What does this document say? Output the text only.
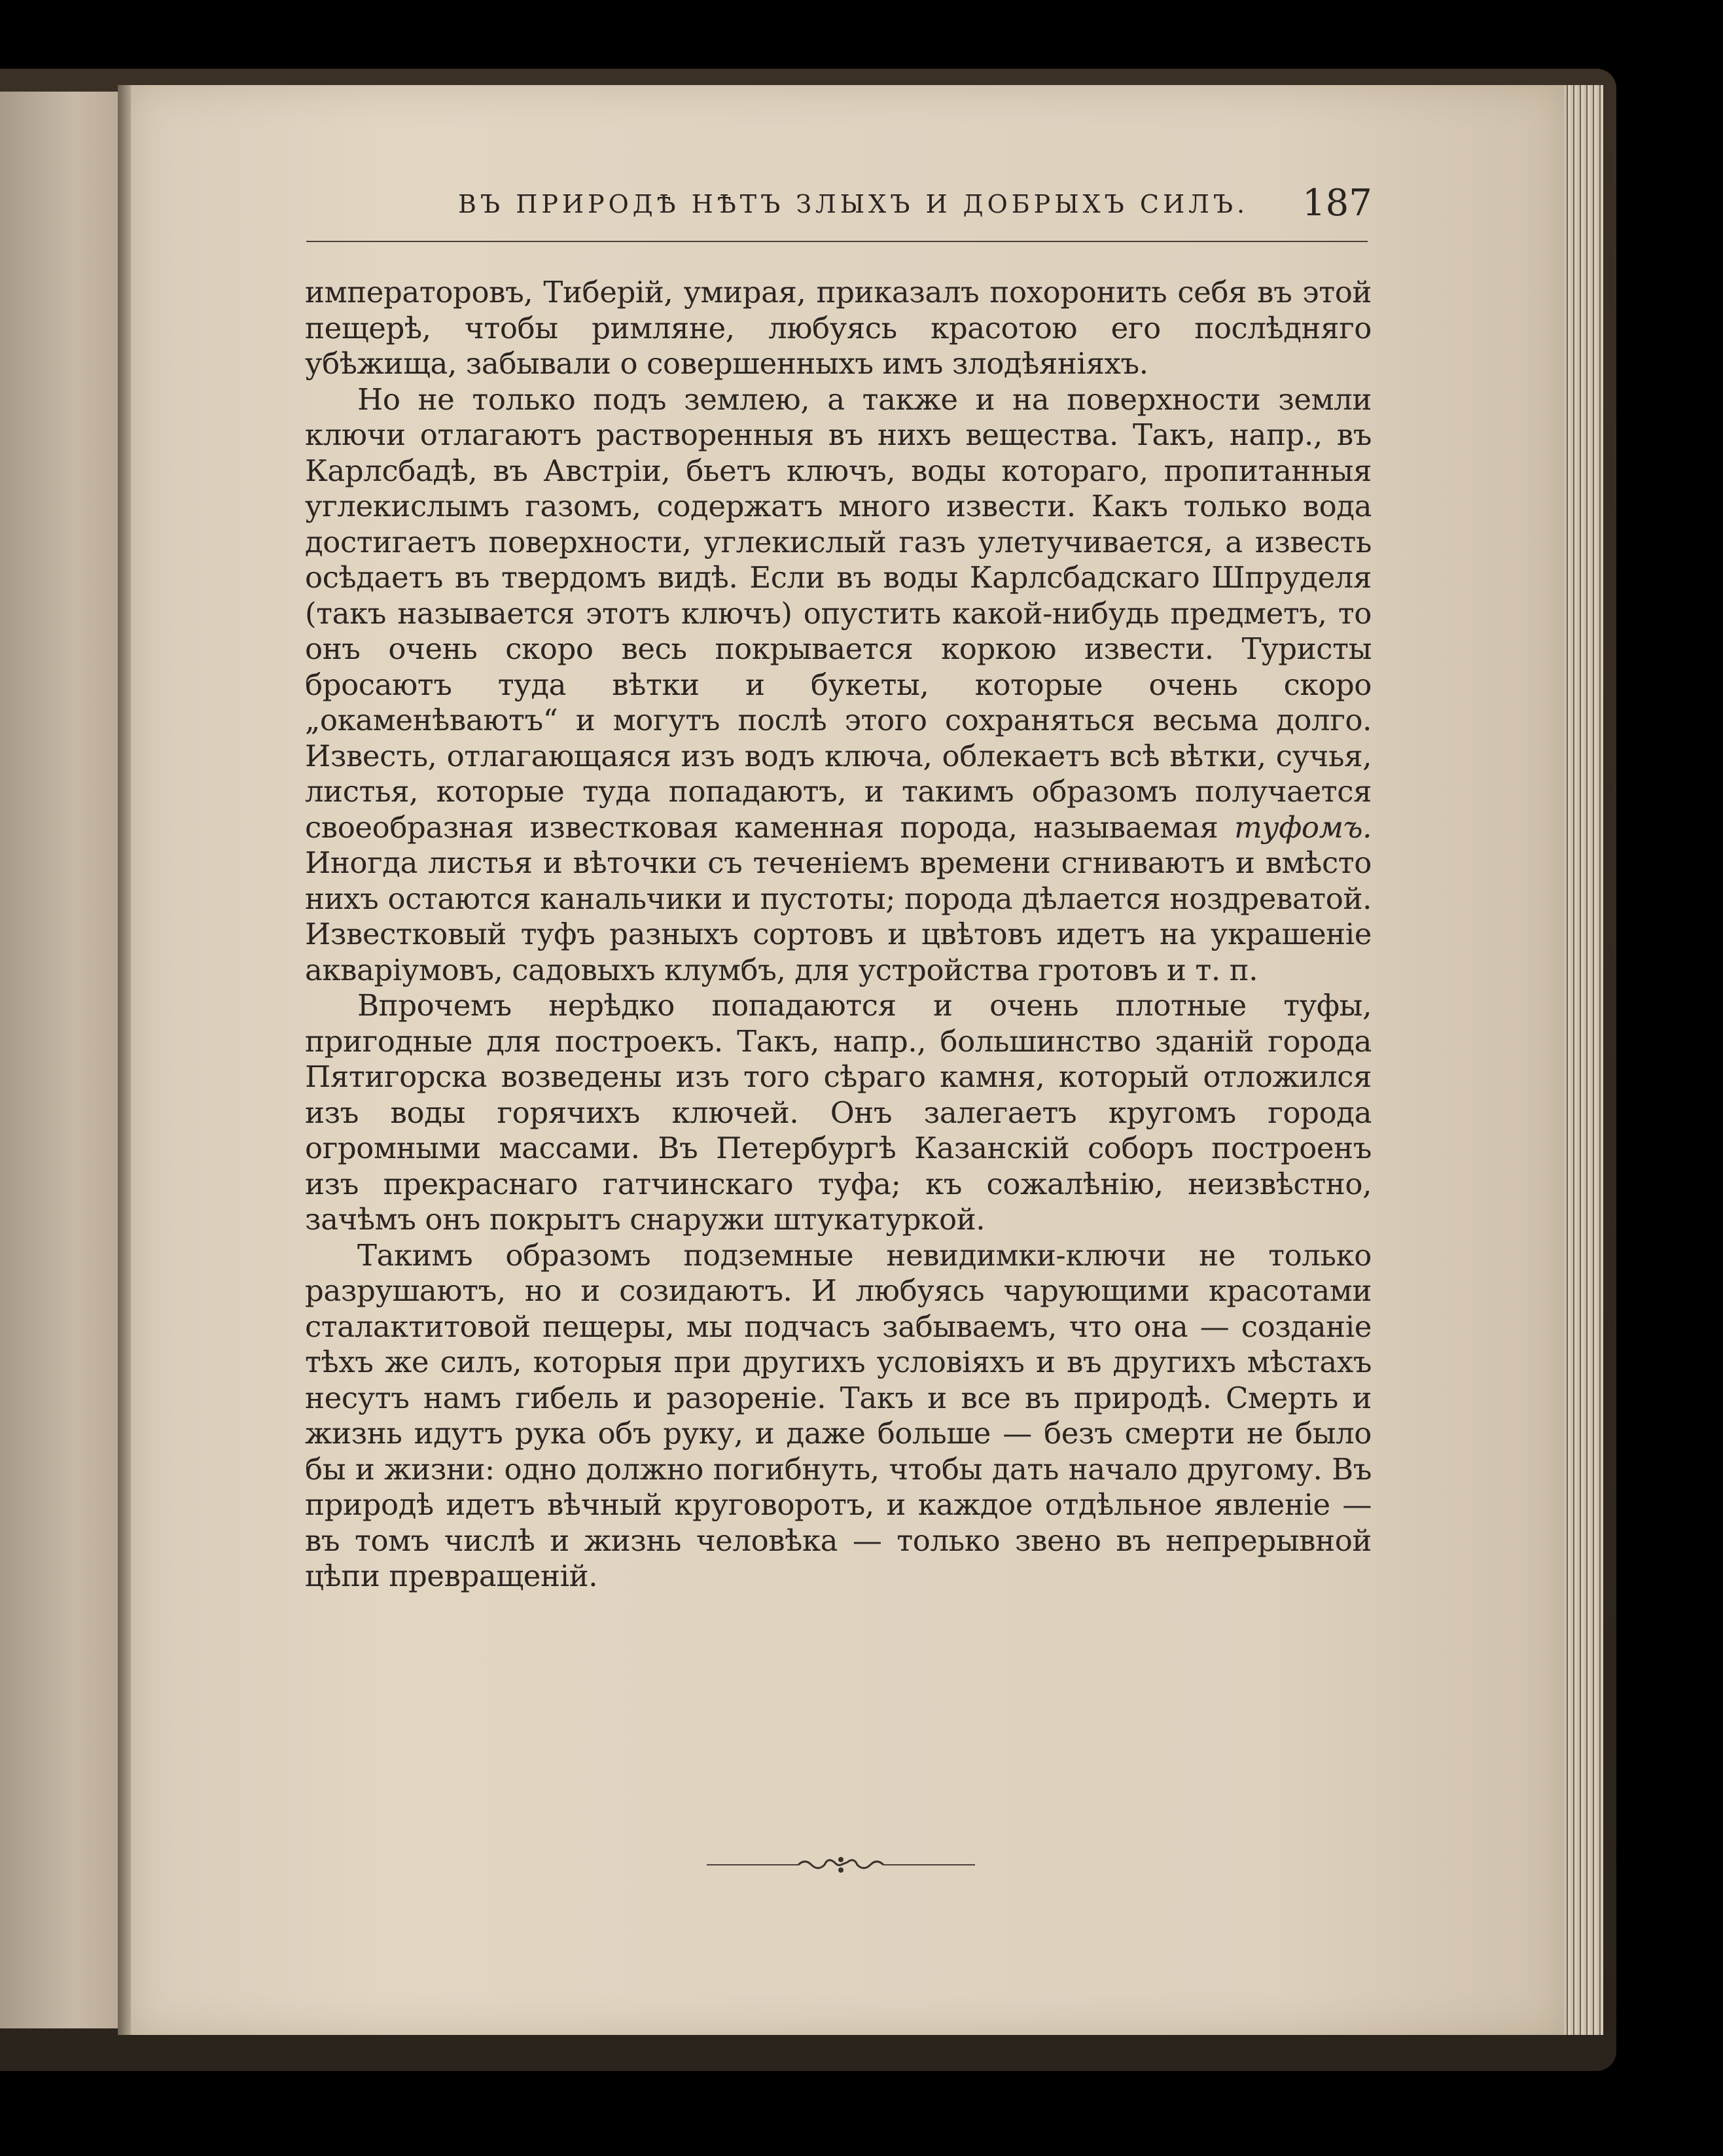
ВЪ ПРИРОДѢ НѢТЪ ЗЛЫХЪ И ДОБРЫХЪ СИЛЪ. 187

императоровъ, Тиберій, умирая, приказалъ похоронить себя въ этой пещерѣ, чтобы римляне, любуясь красотою его послѣдняго убѣжища, забывали о совершенныхъ имъ злодѣяніяхъ.

Но не только подъ землею, а также и на поверхности земли ключи отлагаютъ растворенныя въ нихъ вещества. Такъ, напр., въ Карлсбадѣ, въ Австріи, бьетъ ключъ, воды котораго, пропитанныя углекислымъ газомъ, содержатъ много извести. Какъ только вода достигаетъ поверхности, углекислый газъ улетучивается, а известь осѣдаетъ въ твердомъ видѣ. Если въ воды Карлсбадскаго Шпруделя (такъ называется этотъ ключъ) опустить какой-нибудь предметъ, то онъ очень скоро весь покрывается коркою извести. Туристы бросаютъ туда вѣтки и букеты, которые очень скоро „окаменѣваютъ“ и могутъ послѣ этого сохраняться весьма долго. Известь, отлагающаяся изъ водъ ключа, облекаетъ всѣ вѣтки, сучья, листья, которые туда попадаютъ, и такимъ образомъ получается своеобразная известковая каменная порода, называемая туфомъ. Иногда листья и вѣточки съ теченіемъ времени сгниваютъ и вмѣсто нихъ остаются канальчики и пустоты; порода дѣлается ноздреватой. Известковый туфъ разныхъ сортовъ и цвѣтовъ идетъ на украшеніе акваріумовъ, садовыхъ клумбъ, для устройства гротовъ и т. п.

Впрочемъ нерѣдко попадаются и очень плотные туфы, пригодные для построекъ. Такъ, напр., большинство зданій города Пятигорска возведены изъ того сѣраго камня, который отложился изъ воды горячихъ ключей. Онъ залегаетъ кругомъ города огромными массами. Въ Петербургѣ Казанскій соборъ построенъ изъ прекраснаго гатчинскаго туфа; къ сожалѣнію, неизвѣстно, зачѣмъ онъ покрытъ снаружи штукатуркой.

Такимъ образомъ подземные невидимки-ключи не только разрушаютъ, но и созидаютъ. И любуясь чарующими красотами сталактитовой пещеры, мы подчасъ забываемъ, что она — созданіе тѣхъ же силъ, которыя при другихъ условіяхъ и въ другихъ мѣстахъ несутъ намъ гибель и разореніе. Такъ и все въ природѣ. Смерть и жизнь идутъ рука объ руку, и даже больше — безъ смерти не было бы и жизни: одно должно погибнуть, чтобы дать начало другому. Въ природѣ идетъ вѣчный круговоротъ, и каждое отдѣльное явленіе — въ томъ числѣ и жизнь человѣка — только звено въ непрерывной цѣпи превращеній.
